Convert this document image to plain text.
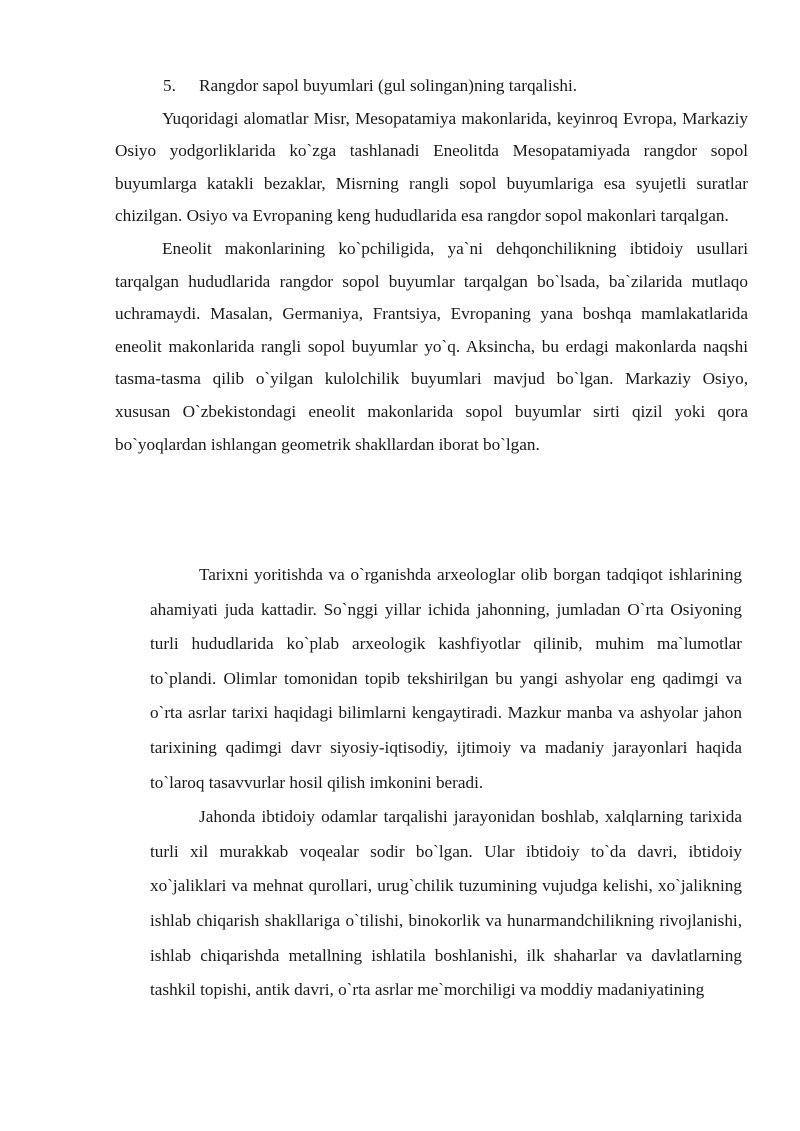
5. Rangdor sapol buyumlari (gul solingan)ning tarqalishi.

Yuqoridagi alomatlar Misr, Mesopatamiya makonlarida, keyinroq Evropa, Markaziy Osiyo yodgorliklarida ko`zga tashlanadi Eneolitda Mesopatamiyada rangdor sopol buyumlarga katakli bezaklar, Misrning rangli sopol buyumlariga esa syujetli suratlar chizilgan. Osiyo va Evropaning keng hududlarida esa rangdor sopol makonlari tarqalgan.

Eneolit makonlarining ko`pchiligida, ya`ni dehqonchilikning ibtidoiy usullari tarqalgan hududlarida rangdor sopol buyumlar tarqalgan bo`lsada, ba`zilarida mutlaqo uchramaydi. Masalan, Germaniya, Frantsiya, Evropaning yana boshqa mamlakatlarida eneolit makonlarida rangli sopol buyumlar yo`q. Aksincha, bu erdagi makonlarda naqshi tasma-tasma qilib o`yilgan kulolchilik buyumlari mavjud bo`lgan. Markaziy Osiyo, xususan O`zbekistondagi eneolit makonlarida sopol buyumlar sirti qizil yoki qora bo`yoqlardan ishlangan geometrik shakllardan iborat bo`lgan.

Tarixni yoritishda va o`rganishda arxeologlar olib borgan tadqiqot ishlarining ahamiyati juda kattadir. So`nggi yillar ichida jahonning, jumladan O`rta Osiyoning turli hududlarida ko`plab arxeologik kashfiyotlar qilinib, muhim ma`lumotlar to`plandi. Olimlar tomonidan topib tekshirilgan bu yangi ashyolar eng qadimgi va o`rta asrlar tarixi haqidagi bilimlarni kengaytiradi. Mazkur manba va ashyolar jahon tarixining qadimgi davr siyosiy-iqtisodiy, ijtimoiy va madaniy jarayonlari haqida to`laroq tasavvurlar hosil qilish imkonini beradi.

Jahonda ibtidoiy odamlar tarqalishi jarayonidan boshlab, xalqlarning tarixida turli xil murakkab voqealar sodir bo`lgan. Ular ibtidoiy to`da davri, ibtidoiy xo`jaliklari va mehnat qurollari, urug`chilik tuzumining vujudga kelishi, xo`jalikning ishlab chiqarish shakllariga o`tilishi, binokorlik va hunarmandchilikning rivojlanishi, ishlab chiqarishda metallning ishlatila boshlanishi, ilk shaharlar va davlatlarning tashkil topishi, antik davri, o`rta asrlar me`morchiligi va moddiy madaniyatining
